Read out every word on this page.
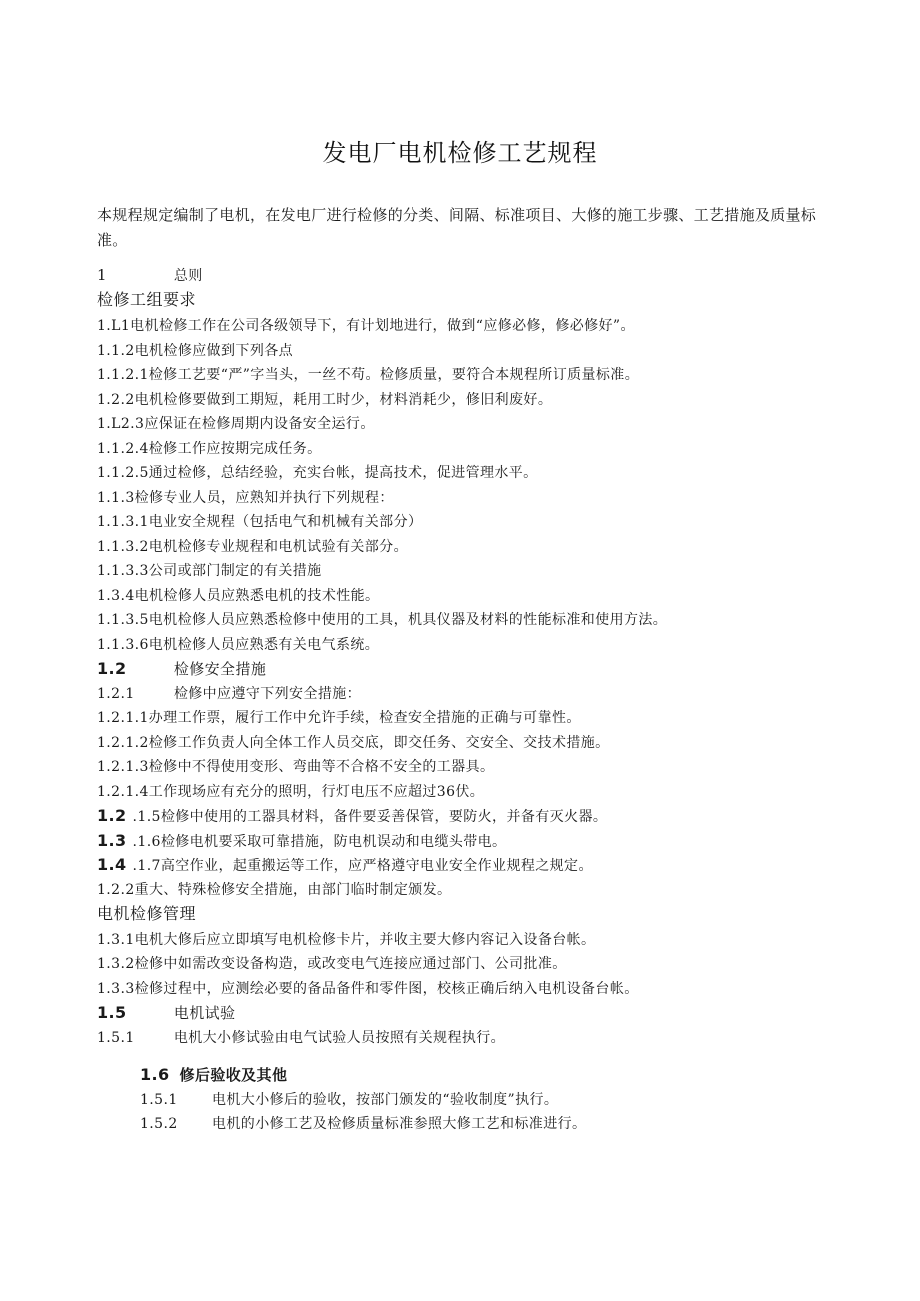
发电厂电机检修工艺规程
本规程规定编制了电机，在发电厂进行检修的分类、间隔、标准项目、大修的施工步骤、工艺措施及质量标准。
1	总则
检修工组要求
1.L1电机检修工作在公司各级领导下，有计划地进行，做到“应修必修，修必修好”。
1.1.2电机检修应做到下列各点
1.1.2.1检修工艺要“严”字当头，一丝不苟。检修质量，要符合本规程所订质量标准。
1.2.2电机检修要做到工期短，耗用工时少，材料消耗少，修旧利废好。
1.L2.3应保证在检修周期内设备安全运行。
1.1.2.4检修工作应按期完成任务。
1.1.2.5通过检修，总结经验，充实台帐，提高技术，促进管理水平。
1.1.3检修专业人员，应熟知并执行下列规程：
1.1.3.1电业安全规程（包括电气和机械有关部分）
1.1.3.2电机检修专业规程和电机试验有关部分。
1.1.3.3公司或部门制定的有关措施
1.3.4电机检修人员应熟悉电机的技术性能。
1.1.3.5电机检修人员应熟悉检修中使用的工具，机具仪器及材料的性能标准和使用方法。
1.1.3.6电机检修人员应熟悉有关电气系统。
1.2	检修安全措施
1.2.1	检修中应遵守下列安全措施：
1.2.1.1办理工作票，履行工作中允许手续，检查安全措施的正确与可靠性。
1.2.1.2检修工作负责人向全体工作人员交底，即交任务、交安全、交技术措施。
1.2.1.3检修中不得使用变形、弯曲等不合格不安全的工器具。
1.2.1.4工作现场应有充分的照明，行灯电压不应超过36伏。
1.2 .1.5检修中使用的工器具材料，备件要妥善保管，要防火，并备有灭火器。
1.3 .1.6检修电机要采取可靠措施，防电机误动和电缆头带电。
1.4 .1.7高空作业，起重搬运等工作，应严格遵守电业安全作业规程之规定。
1.2.2重大、特殊检修安全措施，由部门临时制定颁发。
电机检修管理
1.3.1电机大修后应立即填写电机检修卡片，并收主要大修内容记入设备台帐。
1.3.2检修中如需改变设备构造，或改变电气连接应通过部门、公司批准。
1.3.3检修过程中，应测绘必要的备品备件和零件图，校核正确后纳入电机设备台帐。
1.5	电机试验
1.5.1	电机大小修试验由电气试验人员按照有关规程执行。
1.6 修后验收及其他
1.5.1 电机大小修后的验收，按部门颁发的“验收制度”执行。
1.5.2 电机的小修工艺及检修质量标准参照大修工艺和标准进行。
